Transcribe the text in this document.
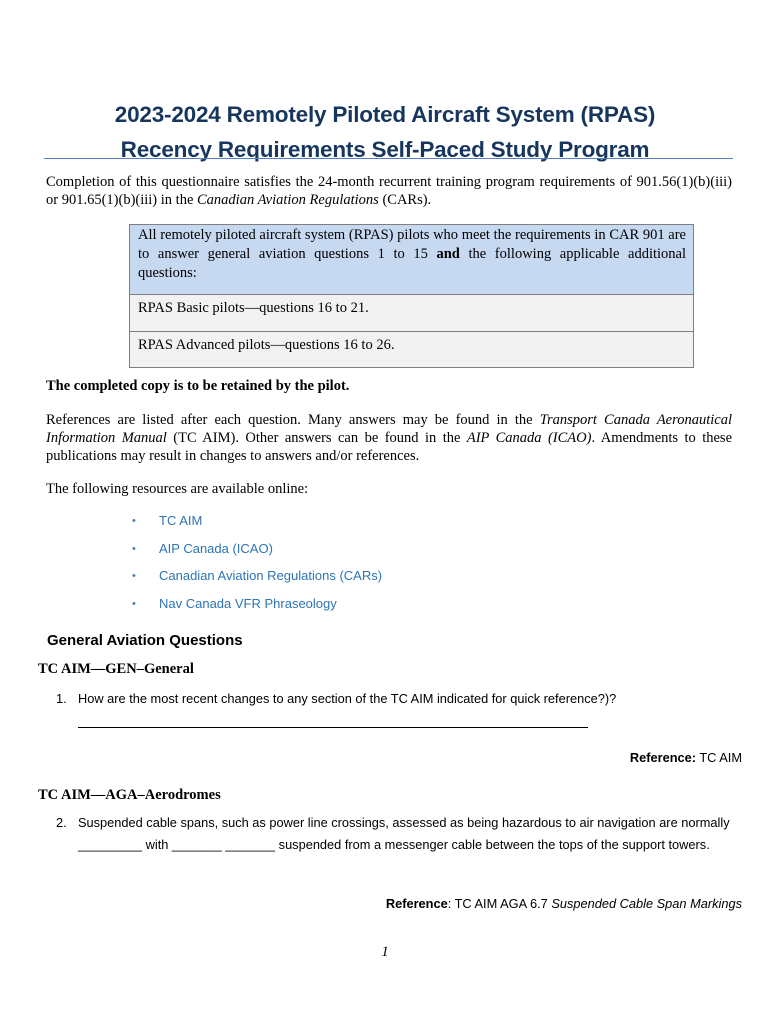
2023-2024 Remotely Piloted Aircraft System (RPAS)
Recency Requirements Self-Paced Study Program
Completion of this questionnaire satisfies the 24-month recurrent training program requirements of 901.56(1)(b)(iii) or 901.65(1)(b)(iii) in the Canadian Aviation Regulations (CARs).
All remotely piloted aircraft system (RPAS) pilots who meet the requirements in CAR 901 are to answer general aviation questions 1 to 15 and the following applicable additional questions:
RPAS Basic pilots—questions 16 to 21.
RPAS Advanced pilots—questions 16 to 26.
The completed copy is to be retained by the pilot.
References are listed after each question. Many answers may be found in the Transport Canada Aeronautical Information Manual (TC AIM). Other answers can be found in the AIP Canada (ICAO). Amendments to these publications may result in changes to answers and/or references.
The following resources are available online:
•	TC AIM
•	AIP Canada (ICAO)
•	Canadian Aviation Regulations (CARs)
•	Nav Canada VFR Phraseology
General Aviation Questions
TC AIM—GEN–General
1. How are the most recent changes to any section of the TC AIM indicated for quick reference?)?
Reference: TC AIM
TC AIM—AGA–Aerodromes
2. Suspended cable spans, such as power line crossings, assessed as being hazardous to air navigation are normally _________ with _______ _______ suspended from a messenger cable between the tops of the support towers.
Reference: TC AIM AGA 6.7 Suspended Cable Span Markings
1
